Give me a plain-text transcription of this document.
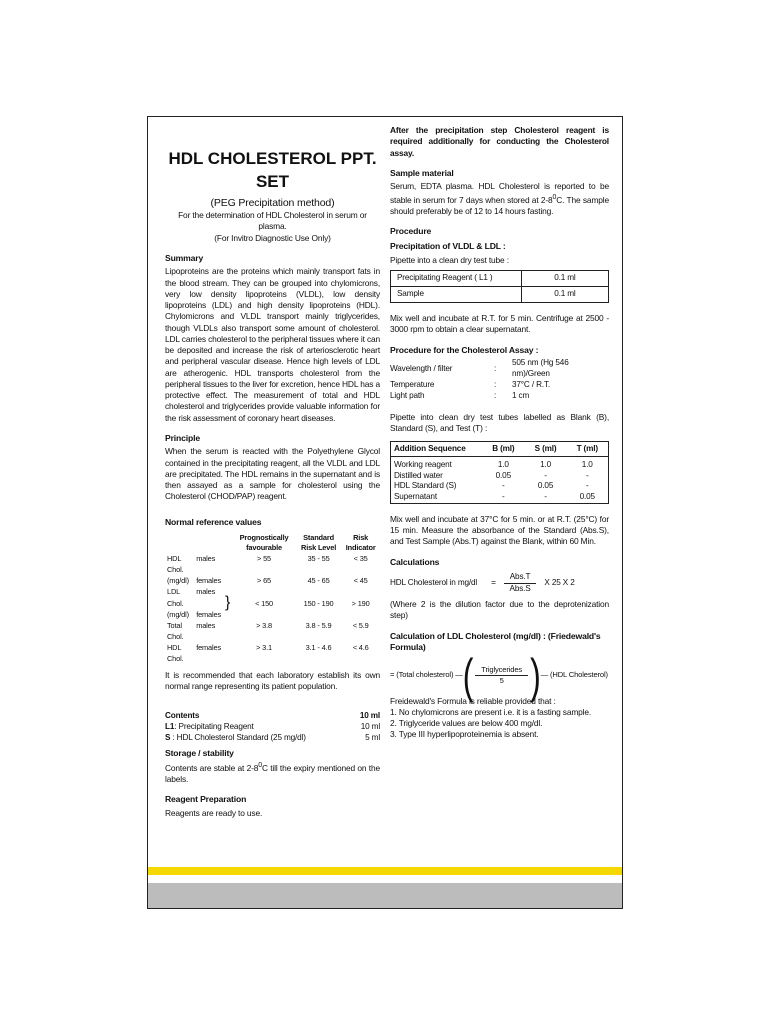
HDL CHOLESTEROL PPT. SET
(PEG Precipitation method)
For the determination of HDL Cholesterol in serum or plasma.
(For Invitro Diagnostic Use Only)
Summary

Lipoproteins are the proteins which mainly transport fats in the blood stream. They can be grouped into chylomicrons, very low density lipoproteins (VLDL), low density lipoproteins (LDL) and high density lipoproteins (HDL). Chylomicrons and VLDL transport mainly triglycerides, though VLDLs also transport some amount of cholesterol. LDL carries cholesterol to the peripheral tissues where it can be deposited and increase the risk of arteriosclerotic heart and peripheral vascular disease. Hence high levels of LDL are atherogenic. HDL transports cholesterol from the peripheral tissues to the liver for excretion, hence HDL has a protective effect. The measurement of total and HDL cholesterol and triglycerides provide valuable information for the risk assessment of coronary heart diseases.

Principle

When the serum is reacted with the Polyethylene Glycol contained in the precipitating reagent, all the VLDL and LDL are precipitated. The HDL remains in the supernatant and is then assayed as a sample for cholesterol using the Cholesterol (CHOD/PAP) reagent.

Normal reference values
			Prognostically favourable	Standard Risk Level	Risk Indicator
HDL Chol.	males		> 55	35 - 55	< 35
(mg/dl)	females		> 65	45 - 65	< 45
LDL Chol.	males	}	< 150	150 - 190	> 190
(mg/dl)	females				
Total Chol.	males		> 3.8	3.8 - 5.9	< 5.9
HDL Chol.	females		> 3.1	3.1 - 4.6	< 4.6

It is recommended that each laboratory establish its own normal range representing its patient population.

Contents	10 ml
L1: Precipitating Reagent	10 ml
S : HDL Cholesterol Standard (25 mg/dl)	5 ml
Storage / stability

Contents are stable at $2-8^0C$ till the expiry mentioned on the labels.

Reagent Preparation

Reagents are ready to use.

After the precipitation step Cholesterol reagent is required additionally for conducting the Cholesterol assay.

Sample material

Serum, EDTA plasma. HDL Cholesterol is reported to be stable in serum for 7 days when stored at $2-8^0C$. The sample should preferably be of 12 to 14 hours fasting.

Procedure
Precipitation of VLDL & LDL :

Pipette into a clean dry test tube :

Precipitating Reagent ( L1 )	0.1 ml
Sample	0.1 ml

Mix well and incubate at R.T. for 5 min. Centrifuge at 2500 - 3000 rpm to obtain a clear supernatant.

Procedure for the Cholesterol Assay :
Wavelength / filter	:	505 nm (Hg 546 nm)/Green
Temperature	:	37°C / R.T.
Light path	:	1 cm

Pipette into clean dry test tubes labelled as Blank (B), Standard (S), and Test (T) :

Addition Sequence	B (ml)	S (ml)	T (ml)
Working reagent	1.0	1.0	1.0
Distilled water	0.05	-	-
HDL Standard (S)	-	0.05	-
Supernatant	-	-	0.05

Mix well and incubate at 37°C for 5 min. or at R.T. (25°C) for 15 min. Measure the absorbance of the Standard (Abs.S), and Test Sample (Abs.T) against the Blank, within 60 Min.

Calculations
HDL Cholesterol in $mg/dl = \frac{\text{Abs.T}}{\text{Abs.S}}$ X 25 X 2

(Where 2 is the dilution factor due to the deprotenization step)

Calculation of LDL Cholesterol (mg/dl) : (Friedewald's Formula)
= (Total cholesterol) — ( $\frac{\text{Triglycerides}}{5}$ ) — (HDL Cholesterol)

Freidewald's Formula is reliable provided that :

1. No chylomicrons are present i.e. it is a fasting sample.

2. Triglyceride values are below 400 mg/dl.

3. Type III hyperlipoproteinemia is absent.
